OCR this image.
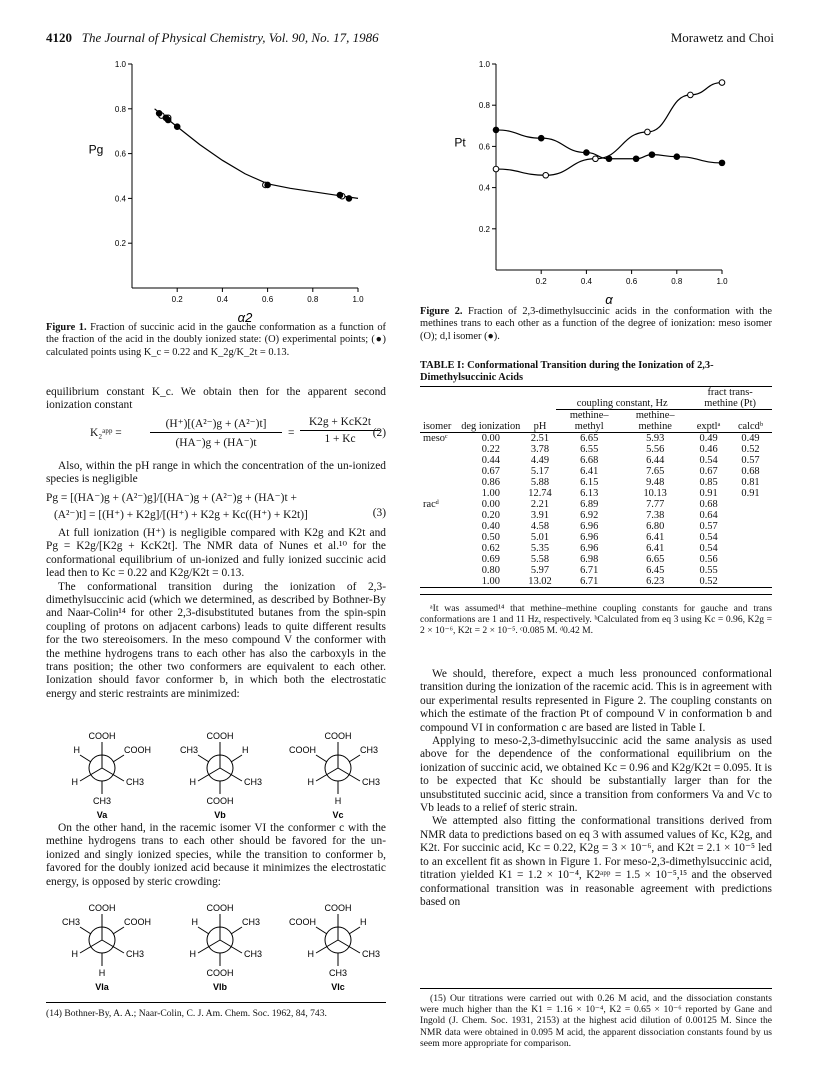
4120 The Journal of Physical Chemistry, Vol. 90, No. 17, 1986	Morawetz and Choi
1.0
0.8
0.6
0.4
0.2
0.2	0.4	0.6	0.8	1.0
Pg
α2
Figure 1. Fraction of succinic acid in the gauche conformation as a function of the fraction of the acid in the doubly ionized state: (O) experimental points; (●) calculated points using K_c = 0.22 and K_2g/K_2t = 0.13.
1.0
0.8
0.6
0.4
0.2
0.2	0.4	0.6	0.8	1.0
Pt
α
Figure 2. Fraction of 2,3-dimethylsuccinic acids in the conformation with the methines trans to each other as a function of the degree of ionization: meso isomer (O); d,l isomer (●).

equilibrium constant K_c. We obtain then for the apparent second ionization constant

K₂ᵃᵖᵖ = $\frac{\text{(H⁺)[(A²⁻)g + (A²⁻)t]}}{(HA^-)g + (HA^-)t}$ =
K2g + KcK2t
1 + Kc	(2)

Also, within the pH range in which the concentration of the un-ionized species is negligible

Pg = [(HA⁻)g + (A²⁻)g]/[(HA⁻)g + (A²⁻)g + (HA⁻)t +
(A²⁻)t] = [(H⁺) + K2g]/[(H⁺) + K2g + Kc((H⁺) + K2t)]	(3)

At full ionization (H⁺) is negligible compared with K2g and K2t and Pg = K2g/[K2g + KcK2t]. The NMR data of Nunes et al.¹⁰ for the conformational equilibrium of un-ionized and fully ionized succinic acid lead then to Kc = 0.22 and K2g/K2t = 0.13.

The conformational transition during the ionization of 2,3-dimethylsuccinic acid (which we determined, as described by Bothner-By and Naar-Colin¹⁴ for other 2,3-disubstituted butanes from the spin-spin coupling of protons on adjacent carbons) leads to quite different results for the two stereoisomers. In the meso compound V the conformer with the methine hydrogens trans to each other has also the carboxyls in the trans position; the other two conformers are equivalent to each other. Ionization should favor conformer b, in which both the electrostatic energy and steric restraints are minimized:

COOH
H	COOH
H	CH3
CH3
Va
COOH
CH3	H
H	CH3
COOH
Vb
COOH
COOH	CH3
H	CH3
H
Vc

On the other hand, in the racemic isomer VI the conformer c with the methine hydrogens trans to each other should be favored for the un-ionized and singly ionized species, while the transition to conformer b, favored for the doubly ionized acid because it minimizes the electrostatic energy, is opposed by steric crowding:

COOH
CH3	COOH
H	CH3
H
VIa
COOH
H	CH3
H	CH3
COOH
VIb
COOH
COOH	H
H	CH3
CH3
VIc
(14) Bothner-By, A. A.; Naar-Colin, C. J. Am. Chem. Soc. 1962, 84, 743.
TABLE I: Conformational Transition during the Ionization of 2,3-Dimethylsuccinic Acids
			coupling constant, Hz		fract trans-methine (Pt)	
isomer	deg ionization	pH	methine–methyl	methine–methine	exptlᵃ	calcdᵇ
mesoᶜ	0.00	2.51	6.65	5.93	0.49	0.49
	0.22	3.78	6.55	5.56	0.46	0.52
	0.44	4.49	6.68	6.44	0.54	0.57
	0.67	5.17	6.41	7.65	0.67	0.68
	0.86	5.88	6.15	9.48	0.85	0.81
	1.00	12.74	6.13	10.13	0.91	0.91
racᵈ	0.00	2.21	6.89	7.77	0.68	
	0.20	3.91	6.92	7.38	0.64	
	0.40	4.58	6.96	6.80	0.57	
	0.50	5.01	6.96	6.41	0.54	
	0.62	5.35	6.96	6.41	0.54	
	0.69	5.58	6.98	6.65	0.56	
	0.80	5.97	6.71	6.45	0.55	
	1.00	13.02	6.71	6.23	0.52	
ᵃIt was assumed¹⁴ that methine–methine coupling constants for gauche and trans conformations are 1 and 11 Hz, respectively. ᵇCalculated from eq 3 using Kc = 0.96, K2g = 2 × 10⁻⁶, K2t = 2 × 10⁻⁵. ᶜ0.085 M. ᵈ0.42 M.

We should, therefore, expect a much less pronounced conformational transition during the ionization of the racemic acid. This is in agreement with our experimental results represented in Figure 2. The coupling constants on which the estimate of the fraction Pt of compound V in conformation b and compound VI in conformation c are based are listed in Table I.

Applying to meso-2,3-dimethylsuccinic acid the same analysis as used above for the dependence of the conformational equilibrium on the ionization of succinic acid, we obtained Kc = 0.96 and K2g/K2t = 0.095. It is to be expected that Kc should be substantially larger than for the unsubstituted succinic acid, since a transition from conformers Va and Vc to Vb leads to a relief of steric strain.

We attempted also fitting the conformational transitions derived from NMR data to predictions based on eq 3 with assumed values of Kc, K2g, and K2t. For succinic acid, Kc = 0.22, K2g = 3 × 10⁻⁶, and K2t = 2.1 × 10⁻⁵ led to an excellent fit as shown in Figure 1. For meso-2,3-dimethylsuccinic acid, titration yielded K1 = 1.2 × 10⁻⁴, K2ᵃᵖᵖ = 1.5 × 10⁻⁵,¹⁵ and the observed conformational transition was in reasonable agreement with predictions based on

(15) Our titrations were carried out with 0.26 M acid, and the dissociation constants were much higher than the K1 = 1.16 × 10⁻⁴, K2 = 0.65 × 10⁻⁶ reported by Gane and Ingold (J. Chem. Soc. 1931, 2153) at the highest acid dilution of 0.00125 M. Since the NMR data were obtained in 0.095 M acid, the apparent dissociation constants found by us seem more appropriate for comparison.
